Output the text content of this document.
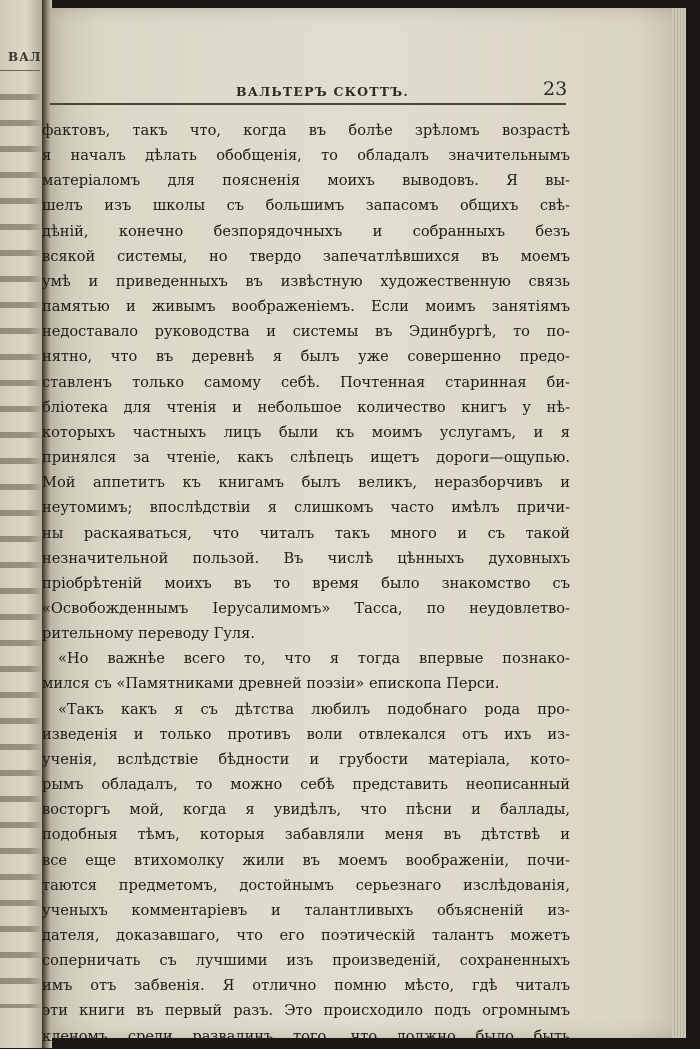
ВАЛ
ВАЛЬТЕРЪ СКОТТЪ.	23
фактовъ, такъ что, когда въ болѣе зрѣломъ возрастѣ
я началъ дѣлать обобщенія, то обладалъ значительнымъ
матеріаломъ для поясненія моихъ выводовъ. Я вы-
шелъ изъ школы съ большимъ запасомъ общихъ свѣ-
дѣній, конечно безпорядочныхъ и собранныхъ безъ
всякой системы, но твердо запечатлѣвшихся въ моемъ
умѣ и приведенныхъ въ извѣстную художественную связь
памятью и живымъ воображеніемъ. Если моимъ занятіямъ
недоставало руководства и системы въ Эдинбургѣ, то по-
нятно, что въ деревнѣ я былъ уже совершенно предо-
ставленъ только самому себѣ. Почтенная старинная би-
бліотека для чтенія и небольшое количество книгъ у нѣ-
которыхъ частныхъ лицъ были къ моимъ услугамъ, и я
принялся за чтеніе, какъ слѣпецъ ищетъ дороги—ощупью.
Мой аппетитъ къ книгамъ былъ великъ, неразборчивъ и
неутомимъ; впослѣдствіи я слишкомъ часто имѣлъ причи-
ны раскаяваться, что читалъ такъ много и съ такой
незначительной пользой. Въ числѣ цѣнныхъ духовныхъ
пріобрѣтеній моихъ въ то время было знакомство съ
«Освобожденнымъ Іерусалимомъ» Тасса, по неудовлетво-
рительному переводу Гуля.
«Но важнѣе всего то, что я тогда впервые познако-
мился съ «Памятниками древней поэзіи» епископа Перси.
«Такъ какъ я съ дѣтства любилъ подобнаго рода про-
изведенія и только противъ воли отвлекался отъ ихъ из-
ученія, вслѣдствіе бѣдности и грубости матеріала, кото-
рымъ обладалъ, то можно себѣ представить неописанный
восторгъ мой, когда я увидѣлъ, что пѣсни и баллады,
подобныя тѣмъ, которыя забавляли меня въ дѣтствѣ и
все еще втихомолку жили въ моемъ воображеніи, почи-
таются предметомъ, достойнымъ серьезнаго изслѣдованія,
ученыхъ комментаріевъ и талантливыхъ объясненій из-
дателя, доказавшаго, что его поэтическій талантъ можетъ
соперничать съ лучшими изъ произведеній, сохраненныхъ
имъ отъ забвенія. Я отлично помню мѣсто, гдѣ читалъ
эти книги въ первый разъ. Это происходило подъ огромнымъ
кленомъ среди развалинъ того, что должно было быть
